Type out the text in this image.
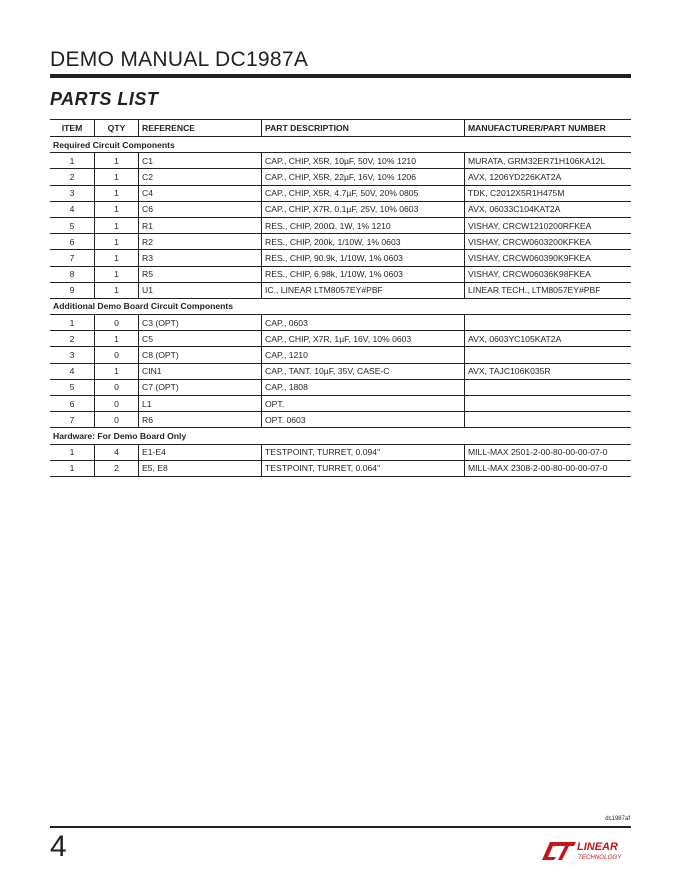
DEMO MANUAL DC1987A
PARTS LIST
ITEM	QTY	REFERENCE	PART DESCRIPTION	MANUFACTURER/PART NUMBER
Required Circuit Components				
1	1	C1	CAP., CHIP, X5R, 10µF, 50V, 10% 1210	MURATA, GRM32ER71H106KA12L
2	1	C2	CAP., CHIP, X5R, 22µF, 16V, 10% 1206	AVX, 1206YD226KAT2A
3	1	C4	CAP., CHIP, X5R, 4.7µF, 50V, 20% 0805	TDK, C2012X5R1H475M
4	1	C6	CAP., CHIP, X7R, 0.1µF, 25V, 10% 0603	AVX, 06033C104KAT2A
5	1	R1	RES., CHIP, 200Ω, 1W, 1% 1210	VISHAY, CRCW1210200RFKEA
6	1	R2	RES., CHIP, 200k, 1/10W, 1% 0603	VISHAY, CRCW0603200KFKEA
7	1	R3	RES., CHIP, 90.9k, 1/10W, 1% 0603	VISHAY, CRCW060390K9FKEA
8	1	R5	RES., CHIP, 6.98k, 1/10W, 1% 0603	VISHAY, CRCW06036K98FKEA
9	1	U1	IC., LINEAR LTM8057EY#PBF	LINEAR TECH., LTM8057EY#PBF
Additional Demo Board Circuit Components				
1	0	C3 (OPT)	CAP., 0603	
2	1	C5	CAP., CHIP, X7R, 1µF, 16V, 10% 0603	AVX, 0603YC105KAT2A
3	0	C8 (OPT)	CAP., 1210	
4	1	CIN1	CAP., TANT. 10µF, 35V, CASE-C	AVX, TAJC106K035R
5	0	C7 (OPT)	CAP., 1808	
6	0	L1	OPT.	
7	0	R6	OPT. 0603	
Hardware: For Demo Board Only				
1	4	E1-E4	TESTPOINT, TURRET, 0.094"	MILL-MAX 2501-2-00-80-00-00-07-0
1	2	E5, E8	TESTPOINT, TURRET, 0.064"	MILL-MAX 2308-2-00-80-00-00-07-0
dc1987af
4	LINEAR
TECHNOLOGY
